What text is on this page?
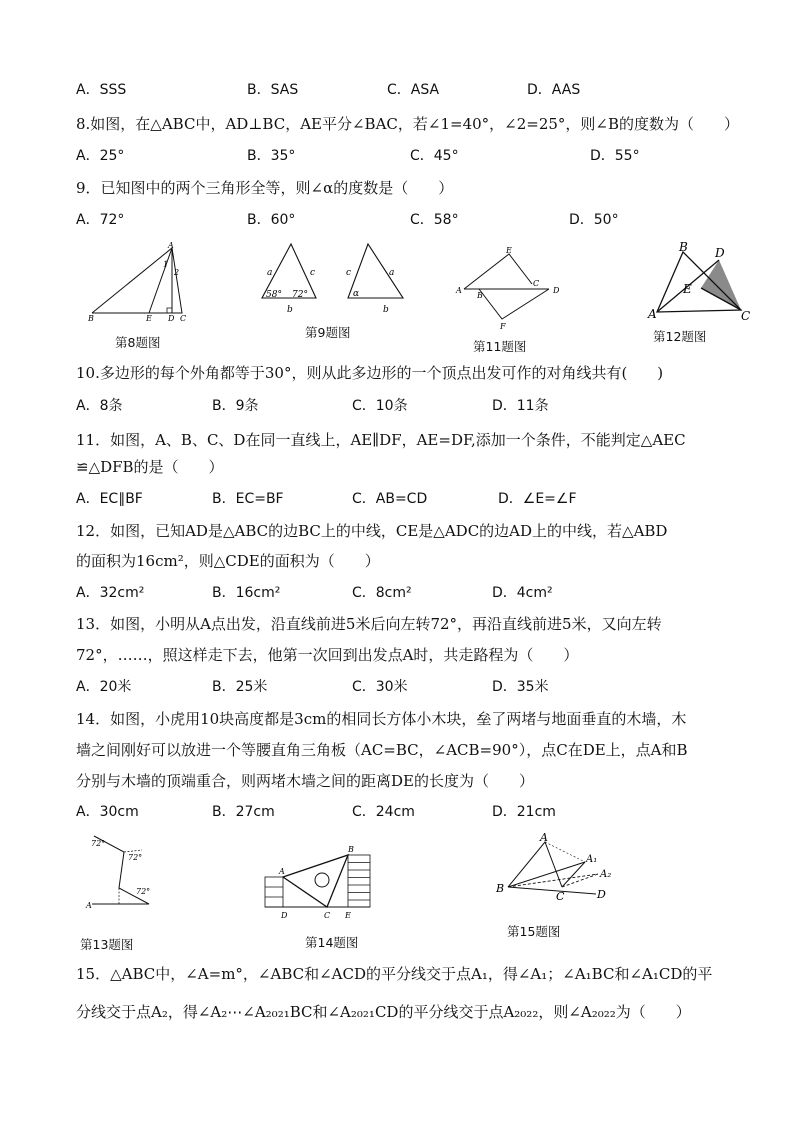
A．SSS	B．SAS	C．ASA	D．AAS
8.如图，在△ABC中，AD⊥BC，AE平分∠BAC，若∠1=40°，∠2=25°，则∠B的度数为（　　）
A．25°	B．35°	C．45°	D．55°
9．已知图中的两个三角形全等，则∠α的度数是（　　）
A．72°	B．60°	C．58°	D．50°
A
B	E D C
1
2
第8题图
a	c
b
58° 72°
c	a
b
α
第9题图
A
B
C
D
E
F
第11题图
B D
E
A	C
第12题图
10.多边形的每个外角都等于30°，则从此多边形的一个顶点出发可作的对角线共有(　　)
A．8条	B．9条	C．10条	D．11条
11．如图，A、B、C、D在同一直线上，AE∥DF，AE=DF,添加一个条件，不能判定△AEC
≌△DFB的是（　　）
A．EC∥BF	B．EC=BF	C．AB=CD	D．∠E=∠F
12．如图，已知AD是△ABC的边BC上的中线，CE是△ADC的边AD上的中线，若△ABD
的面积为16cm²，则△CDE的面积为（　　）
A．32cm²	B．16cm²	C．8cm²	D．4cm²
13．如图，小明从A点出发，沿直线前进5米后向左转72°，再沿直线前进5米，又向左转
72°，……，照这样走下去，他第一次回到出发点A时，共走路程为（　　）
A．20米	B．25米	C．30米	D．35米
14．如图，小虎用10块高度都是3cm的相同长方体小木块，垒了两堵与地面垂直的木墙，木
墙之间刚好可以放进一个等腰直角三角板（AC=BC，∠ACB=90°），点C在DE上，点A和B
分别与木墙的顶端重合，则两堵木墙之间的距离DE的长度为（　　）
A．30cm	B．27cm	C．24cm	D．21cm
72°
72°
72°
A
第13题图
A
B
D	C E
第14题图
A
A₁
A₂
B
C	D
第15题图
15．△ABC中，∠A=m°，∠ABC和∠ACD的平分线交于点A₁，得∠A₁；∠A₁BC和∠A₁CD的平
分线交于点A₂，得∠A₂⋯∠A₂₀₂₁BC和∠A₂₀₂₁CD的平分线交于点A₂₀₂₂，则∠A₂₀₂₂为（　　）
